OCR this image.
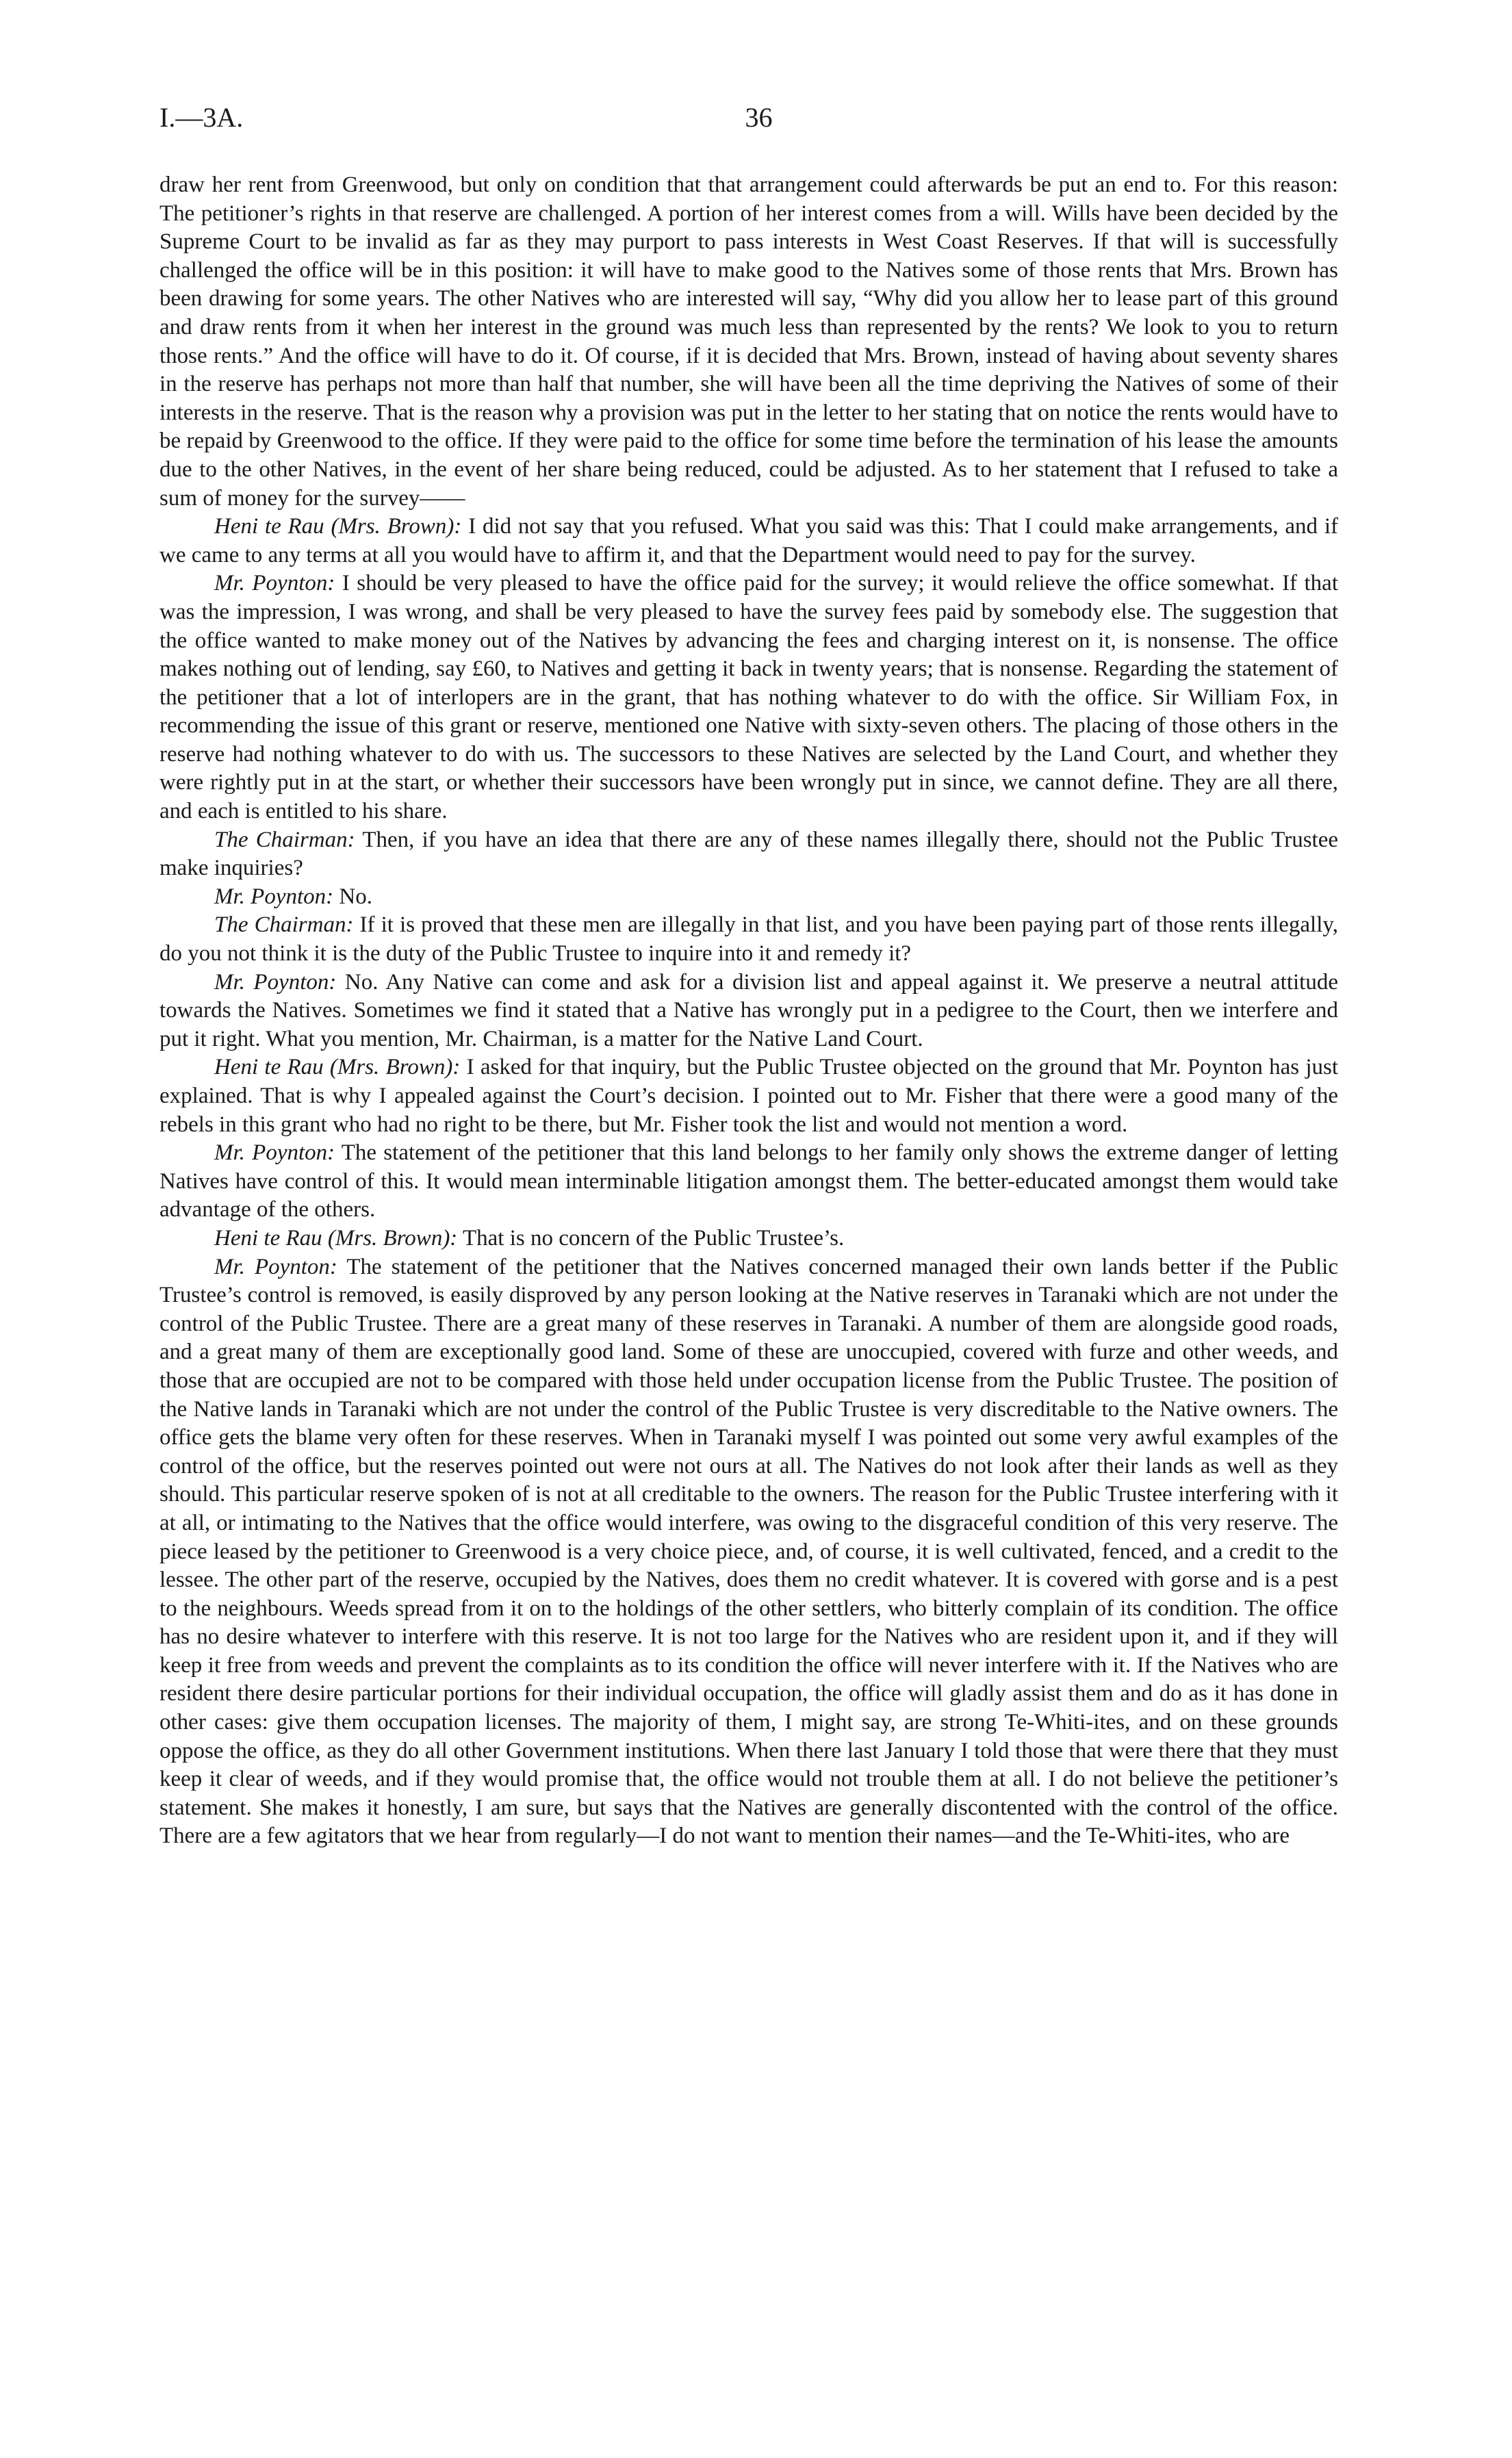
I.—3A.	36

draw her rent from Greenwood, but only on condition that that arrangement could afterwards be put an end to. For this reason: The petitioner’s rights in that reserve are challenged. A portion of her interest comes from a will. Wills have been decided by the Supreme Court to be invalid as far as they may purport to pass interests in West Coast Reserves. If that will is successfully challenged the office will be in this position: it will have to make good to the Natives some of those rents that Mrs. Brown has been drawing for some years. The other Natives who are interested will say, “Why did you allow her to lease part of this ground and draw rents from it when her interest in the ground was much less than represented by the rents? We look to you to return those rents.” And the office will have to do it. Of course, if it is decided that Mrs. Brown, instead of having about seventy shares in the reserve has perhaps not more than half that number, she will have been all the time depriving the Natives of some of their interests in the reserve. That is the reason why a provision was put in the letter to her stating that on notice the rents would have to be repaid by Greenwood to the office. If they were paid to the office for some time before the termination of his lease the amounts due to the other Natives, in the event of her share being reduced, could be adjusted. As to her statement that I refused to take a sum of money for the survey——

Heni te Rau (Mrs. Brown): I did not say that you refused. What you said was this: That I could make arrangements, and if we came to any terms at all you would have to affirm it, and that the Department would need to pay for the survey.

Mr. Poynton: I should be very pleased to have the office paid for the survey; it would relieve the office somewhat. If that was the impression, I was wrong, and shall be very pleased to have the survey fees paid by somebody else. The suggestion that the office wanted to make money out of the Natives by advancing the fees and charging interest on it, is nonsense. The office makes nothing out of lending, say £60, to Natives and getting it back in twenty years; that is nonsense. Regarding the statement of the petitioner that a lot of interlopers are in the grant, that has nothing whatever to do with the office. Sir William Fox, in recommending the issue of this grant or reserve, mentioned one Native with sixty-seven others. The placing of those others in the reserve had nothing whatever to do with us. The successors to these Natives are selected by the Land Court, and whether they were rightly put in at the start, or whether their successors have been wrongly put in since, we cannot define. They are all there, and each is entitled to his share.

The Chairman: Then, if you have an idea that there are any of these names illegally there, should not the Public Trustee make inquiries?

Mr. Poynton: No.

The Chairman: If it is proved that these men are illegally in that list, and you have been paying part of those rents illegally, do you not think it is the duty of the Public Trustee to inquire into it and remedy it?

Mr. Poynton: No. Any Native can come and ask for a division list and appeal against it. We preserve a neutral attitude towards the Natives. Sometimes we find it stated that a Native has wrongly put in a pedigree to the Court, then we interfere and put it right. What you mention, Mr. Chairman, is a matter for the Native Land Court.

Heni te Rau (Mrs. Brown): I asked for that inquiry, but the Public Trustee objected on the ground that Mr. Poynton has just explained. That is why I appealed against the Court’s decision. I pointed out to Mr. Fisher that there were a good many of the rebels in this grant who had no right to be there, but Mr. Fisher took the list and would not mention a word.

Mr. Poynton: The statement of the petitioner that this land belongs to her family only shows the extreme danger of letting Natives have control of this. It would mean interminable litigation amongst them. The better-educated amongst them would take advantage of the others.

Heni te Rau (Mrs. Brown): That is no concern of the Public Trustee’s.

Mr. Poynton: The statement of the petitioner that the Natives concerned managed their own lands better if the Public Trustee’s control is removed, is easily disproved by any person looking at the Native reserves in Taranaki which are not under the control of the Public Trustee. There are a great many of these reserves in Taranaki. A number of them are alongside good roads, and a great many of them are exceptionally good land. Some of these are unoccupied, covered with furze and other weeds, and those that are occupied are not to be compared with those held under occupation license from the Public Trustee. The position of the Native lands in Taranaki which are not under the control of the Public Trustee is very discreditable to the Native owners. The office gets the blame very often for these reserves. When in Taranaki myself I was pointed out some very awful examples of the control of the office, but the reserves pointed out were not ours at all. The Natives do not look after their lands as well as they should. This particular reserve spoken of is not at all creditable to the owners. The reason for the Public Trustee interfering with it at all, or intimating to the Natives that the office would interfere, was owing to the disgraceful condition of this very reserve. The piece leased by the petitioner to Greenwood is a very choice piece, and, of course, it is well cultivated, fenced, and a credit to the lessee. The other part of the reserve, occupied by the Natives, does them no credit whatever. It is covered with gorse and is a pest to the neighbours. Weeds spread from it on to the holdings of the other settlers, who bitterly complain of its condition. The office has no desire whatever to interfere with this reserve. It is not too large for the Natives who are resident upon it, and if they will keep it free from weeds and prevent the complaints as to its condition the office will never interfere with it. If the Natives who are resident there desire particular portions for their individual occupation, the office will gladly assist them and do as it has done in other cases: give them occupation licenses. The majority of them, I might say, are strong Te-Whiti-ites, and on these grounds oppose the office, as they do all other Government institutions. When there last January I told those that were there that they must keep it clear of weeds, and if they would promise that, the office would not trouble them at all. I do not believe the petitioner’s statement. She makes it honestly, I am sure, but says that the Natives are generally discontented with the control of the office. There are a few agitators that we hear from regularly—I do not want to mention their names—and the Te-Whiti-ites, who are
